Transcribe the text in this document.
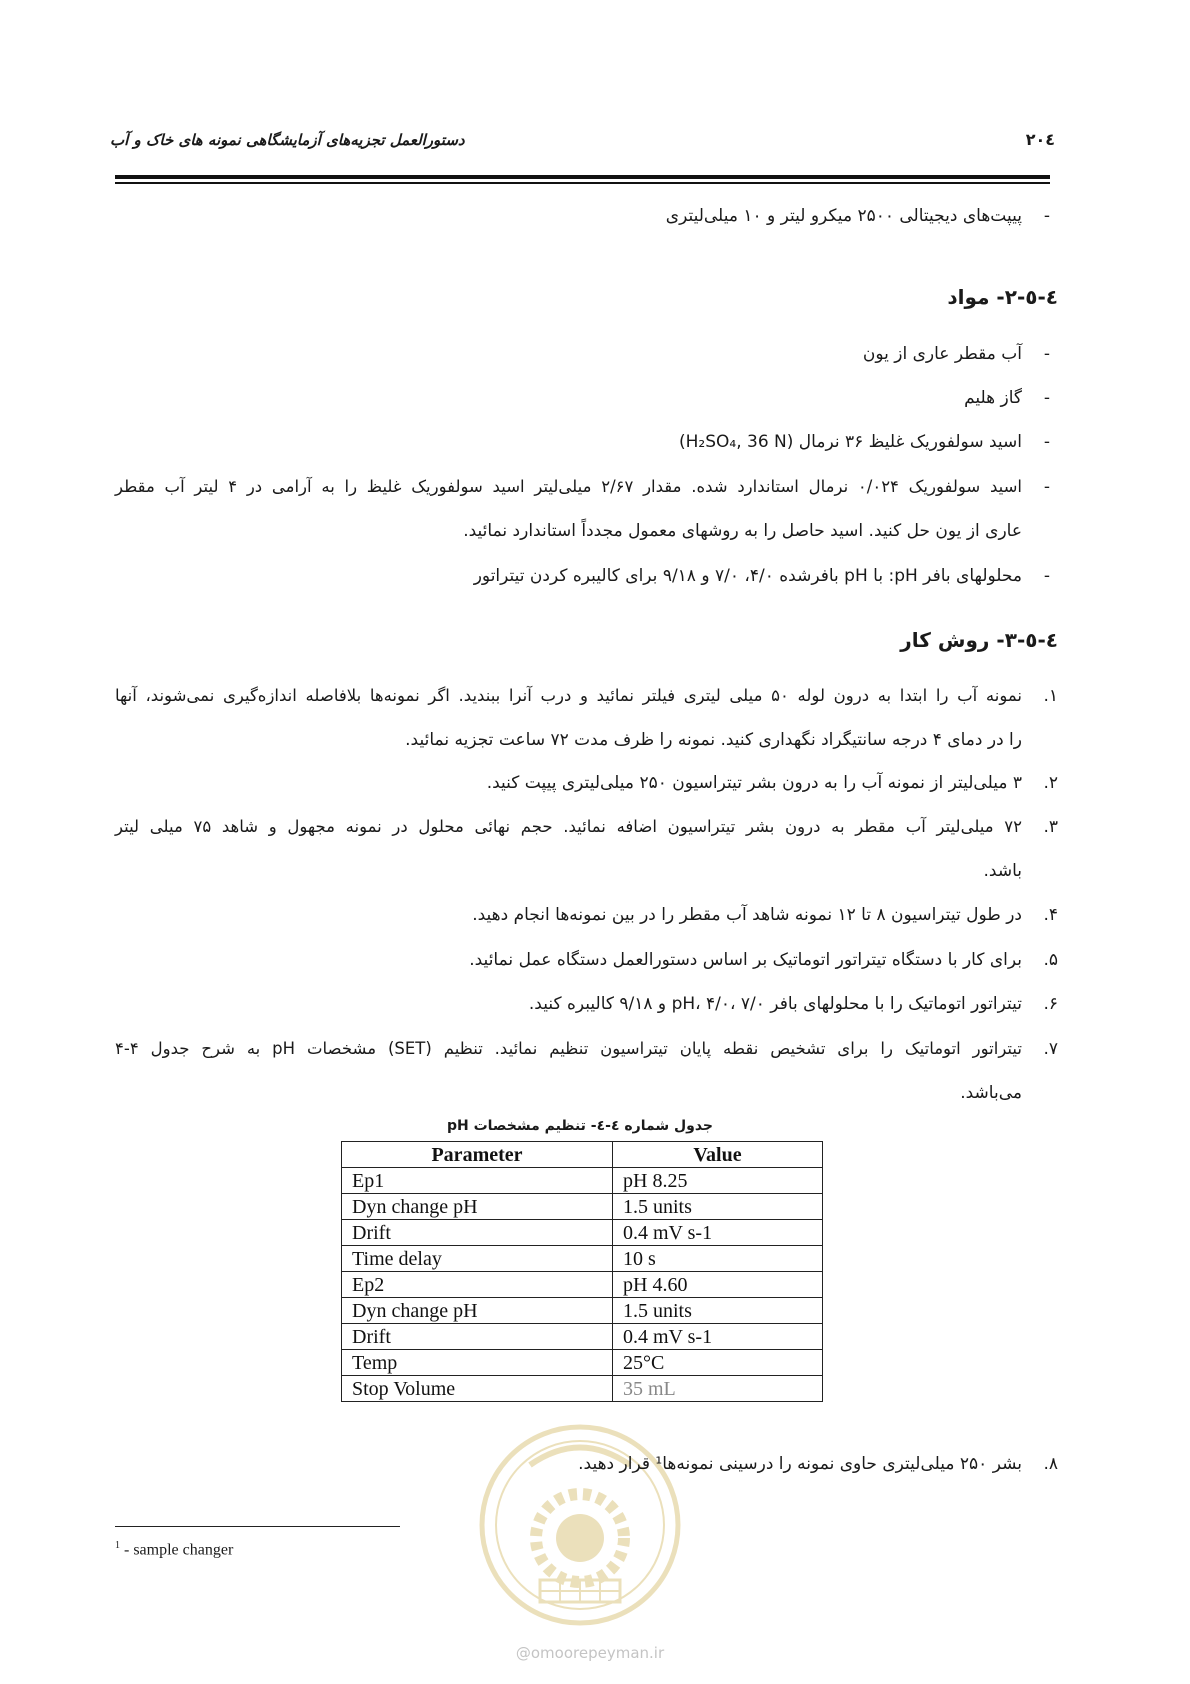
دستورالعمل تجزیه‌های آزمایشگاهی نمونه های خاک و آب	۲۰٤
-
پیپت‌های دیجیتالی ۲۵۰۰ میکرو لیتر و ۱۰ میلی‌لیتری
٤-٥-٢- مواد
-
آب مقطر عاری از یون
-
گاز هلیم
-
اسید سولفوریک غلیظ ۳۶ نرمال (H₂SO₄, 36 N)
-
اسید سولفوریک ۰/۰۲۴ نرمال استاندارد شده. مقدار ۲/۶۷ میلی‌لیتر اسید سولفوریک غلیظ را به آرامی در ۴ لیتر آب مقطر
عاری از یون حل کنید. اسید حاصل را به روشهای معمول مجدداً استاندارد نمائید.
-
محلولهای بافر pH: با pH بافرشده ۴/۰، ۷/۰ و ۹/۱۸ برای کالیبره کردن تیتراتور
٤-٥-٣- روش کار
۱.
نمونه آب را ابتدا به درون لوله ۵۰ میلی لیتری فیلتر نمائید و درب آنرا ببندید. اگر نمونه‌ها بلافاصله اندازه‌گیری نمی‌شوند، آنها
را در دمای ۴ درجه سانتیگراد نگهداری کنید. نمونه را ظرف مدت ۷۲ ساعت تجزیه نمائید.
۲.
۳ میلی‌لیتر از نمونه آب را به درون بشر تیتراسیون ۲۵۰ میلی‌لیتری پیپت کنید.
۳.
۷۲ میلی‌لیتر آب مقطر به درون بشر تیتراسیون اضافه نمائید. حجم نهائی محلول در نمونه مجهول و شاهد ۷۵ میلی لیتر
باشد.
۴.
در طول تیتراسیون ۸ تا ۱۲ نمونه شاهد آب مقطر را در بین نمونه‌ها انجام دهید.
۵.
برای کار با دستگاه تیتراتور اتوماتیک بر اساس دستورالعمل دستگاه عمل نمائید.
۶.
تیتراتور اتوماتیک را با محلولهای بافر pH، ۴/۰، ۷/۰ و ۹/۱۸ کالیبره کنید.
۷.
تیتراتور اتوماتیک را برای تشخیص نقطه پایان تیتراسیون تنظیم نمائید. تنظیم (SET) مشخصات pH به شرح جدول ۴-۴
می‌باشد.
جدول شماره ٤-٤- تنظیم مشخصات pH
Parameter	Value
Ep1	pH 8.25
Dyn change pH	1.5 units
Drift	0.4 mV s-1
Time delay	10 s
Ep2	pH 4.60
Dyn change pH	1.5 units
Drift	0.4 mV s-1
Temp	25°C
Stop Volume	35 mL
۸.
بشر ۲۵۰ میلی‌لیتری حاوی نمونه را درسینی نمونه‌ها¹ قرار دهید.
$^1$ - sample changer
@omoorepeyman.ir
